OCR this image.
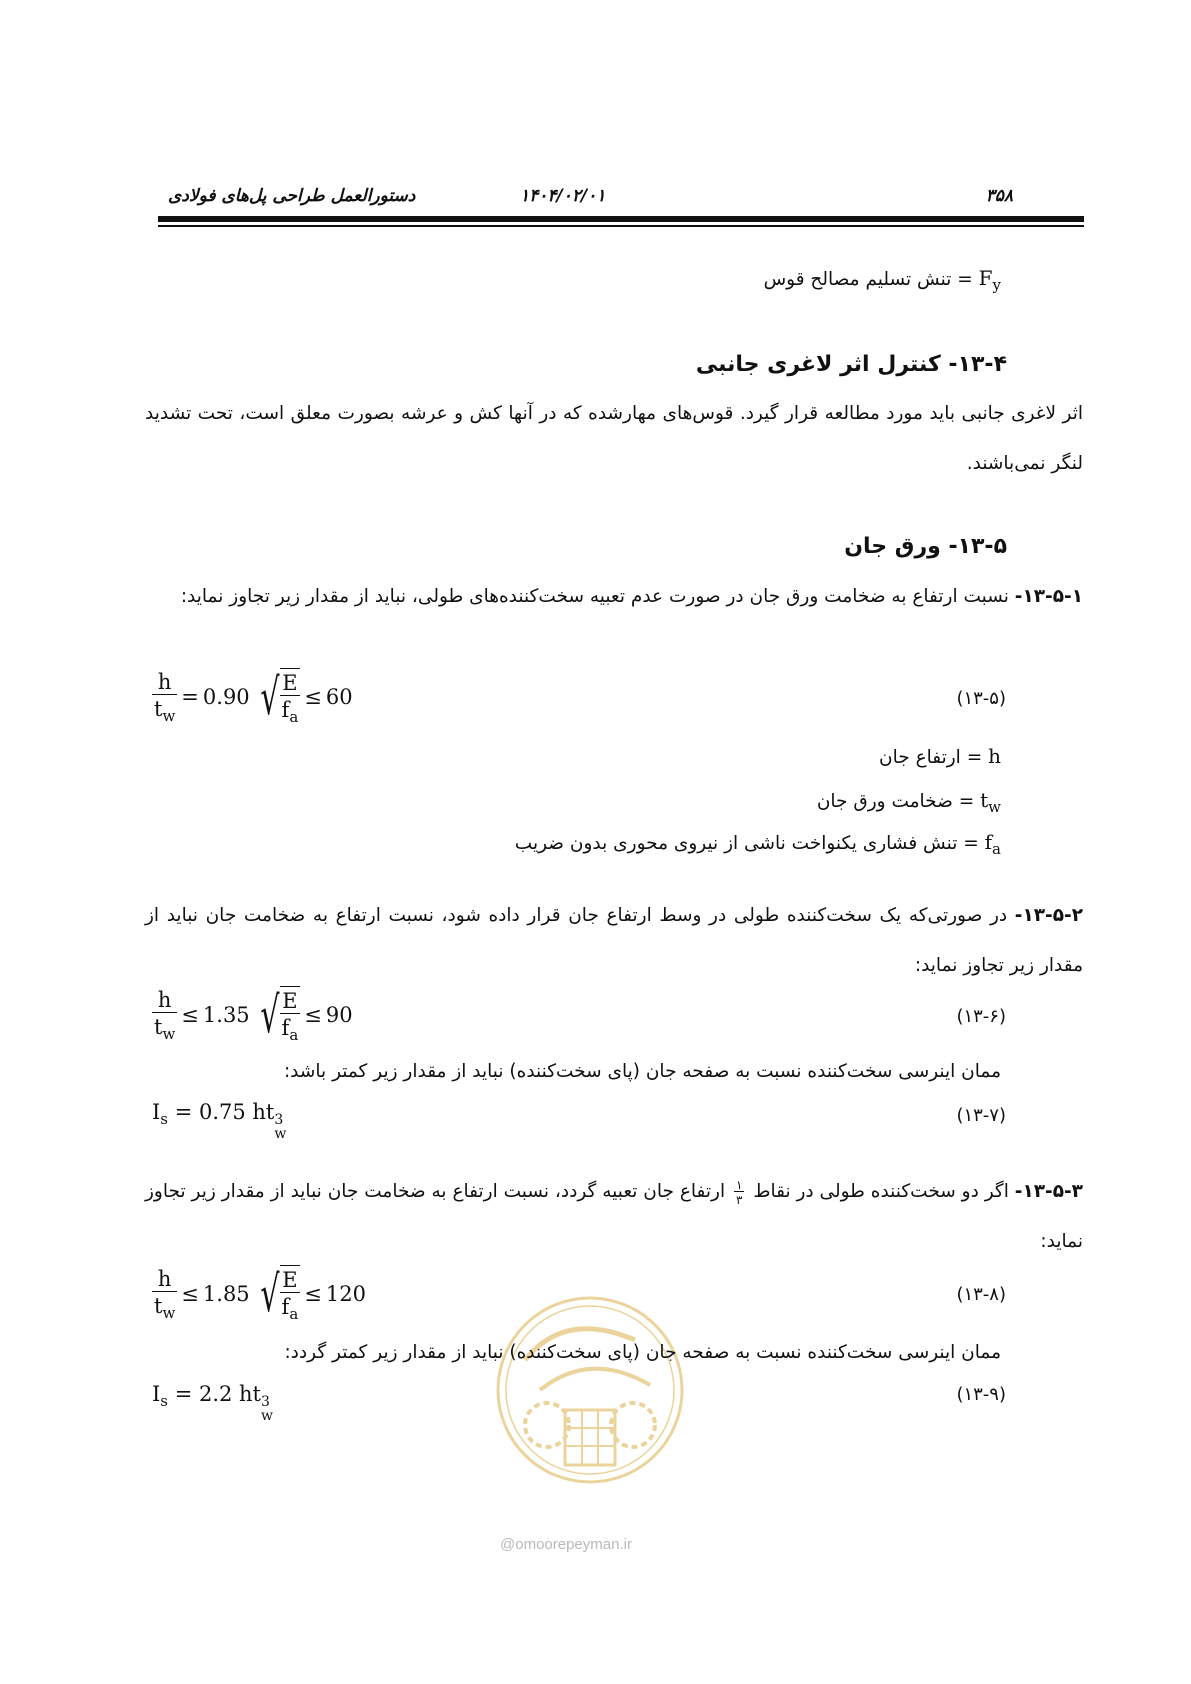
۳۵۸
۱۴۰۴/۰۲/۰۱
دستورالعمل طراحی پل‌های فولادی
= تنش تسلیم مصالح قوس $F_y$
۱۳-۴- کنترل اثر لاغری جانبی
اثر لاغری جانبی باید مورد مطالعه قرار گیرد. قوس‌های مهارشده که در آنها کش و عرشه بصورت معلق است، تحت تشدید لنگر نمی‌باشند.
۱۳-۵- ورق جان
۱۳-۵-۱- نسبت ارتفاع به ضخامت ورق جان در صورت عدم تعبیه سخت‌کننده‌های طولی، نباید از مقدار زیر تجاوز نماید:
$\frac{h}{t_w} = 0.90$ √ $\frac{E}{f_a} \le 60$	(۱۳-۵)
= ارتفاع جان h
= ضخامت ورق جان $t_w$
= تنش فشاری یکنواخت ناشی از نیروی محوری بدون ضریب $f_a$
۱۳-۵-۲- در صورتی‌که یک سخت‌کننده طولی در وسط ارتفاع جان قرار داده شود، نسبت ارتفاع به ضخامت جان نباید از مقدار زیر تجاوز نماید:
$\frac{h}{t_w} \le 1.35$ √ $\frac{E}{f_a} \le 90$	(۱۳-۶)
ممان اینرسی سخت‌کننده نسبت به صفحه جان (پای سخت‌کننده) نباید از مقدار زیر کمتر باشد:
$I_s = 0.75$ ht 3
w
(۱۳-۷)
۱۳-۵-۳- اگر دو سخت‌کننده طولی در نقاط
$\frac{۱}{۳}$
ارتفاع جان تعبیه گردد، نسبت ارتفاع به ضخامت جان نباید از مقدار زیر تجاوز نماید:
$\frac{h}{t_w} \le 1.85$ √ $\frac{E}{f_a} \le 120$	(۱۳-۸)
ممان اینرسی سخت‌کننده نسبت به صفحه جان (پای سخت‌کننده) نباید از مقدار زیر کمتر گردد:
$I_s = 2.2$ ht 3
w
(۱۳-۹)
@omoorepeyman.ir
